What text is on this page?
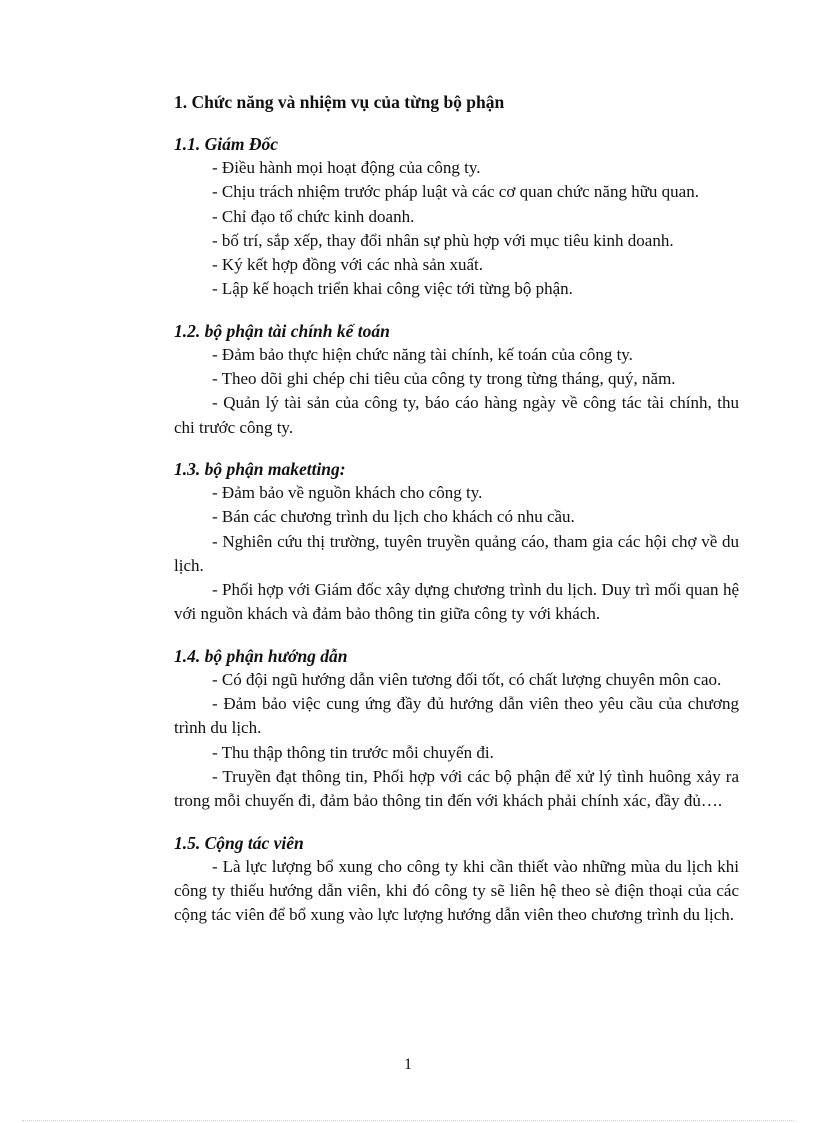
1. Chức năng và nhiệm vụ của từng bộ phận
1.1. Giám Đốc

- Điều hành mọi hoạt động của công ty.

- Chịu trách nhiệm trước pháp luật và các cơ quan chức năng hữu quan.

- Chỉ đạo tổ chức kinh doanh.

- bố trí, sắp xếp, thay đổi nhân sự phù hợp với mục tiêu kinh doanh.

- Ký kết hợp đồng với các nhà sản xuất.

- Lập kế hoạch triển khai công việc tới từng bộ phận.

1.2. bộ phận tài chính kế toán

- Đảm bảo thực hiện chức năng tài chính, kế toán của công ty.

- Theo dõi ghi chép chi tiêu của công ty trong từng tháng, quý, năm.

- Quản lý tài sản của công ty, báo cáo hàng ngày về công tác tài chính, thu chi trước công ty.

1.3. bộ phận maketting:

- Đảm bảo về nguồn khách cho công ty.

- Bán các chương trình du lịch cho khách có nhu cầu.

- Nghiên cứu thị trường, tuyên truyền quảng cáo, tham gia các hội chợ về du lịch.

- Phối hợp với Giám đốc xây dựng chương trình du lịch. Duy trì mối quan hệ với nguồn khách và đảm bảo thông tin giữa công ty với khách.

1.4. bộ phận hướng dẫn

- Có đội ngũ hướng dẫn viên tương đối tốt, có chất lượng chuyên môn cao.

- Đảm bảo việc cung ứng đầy đủ hướng dẫn viên theo yêu cầu của chương trình du lịch.

- Thu thập thông tin trước mỗi chuyến đi.

- Truyền đạt thông tin, Phối hợp với các bộ phận để xử lý tình huông xảy ra trong mỗi chuyến đi, đảm bảo thông tin đến với khách phải chính xác, đầy đủ….

1.5. Cộng tác viên

- Là lực lượng bổ xung cho công ty khi cần thiết vào những mùa du lịch khi công ty thiếu hướng dẫn viên, khi đó công ty sẽ liên hệ theo sè điện thoại của các cộng tác viên để bổ xung vào lực lượng hướng dẫn viên theo chương trình du lịch.

1
